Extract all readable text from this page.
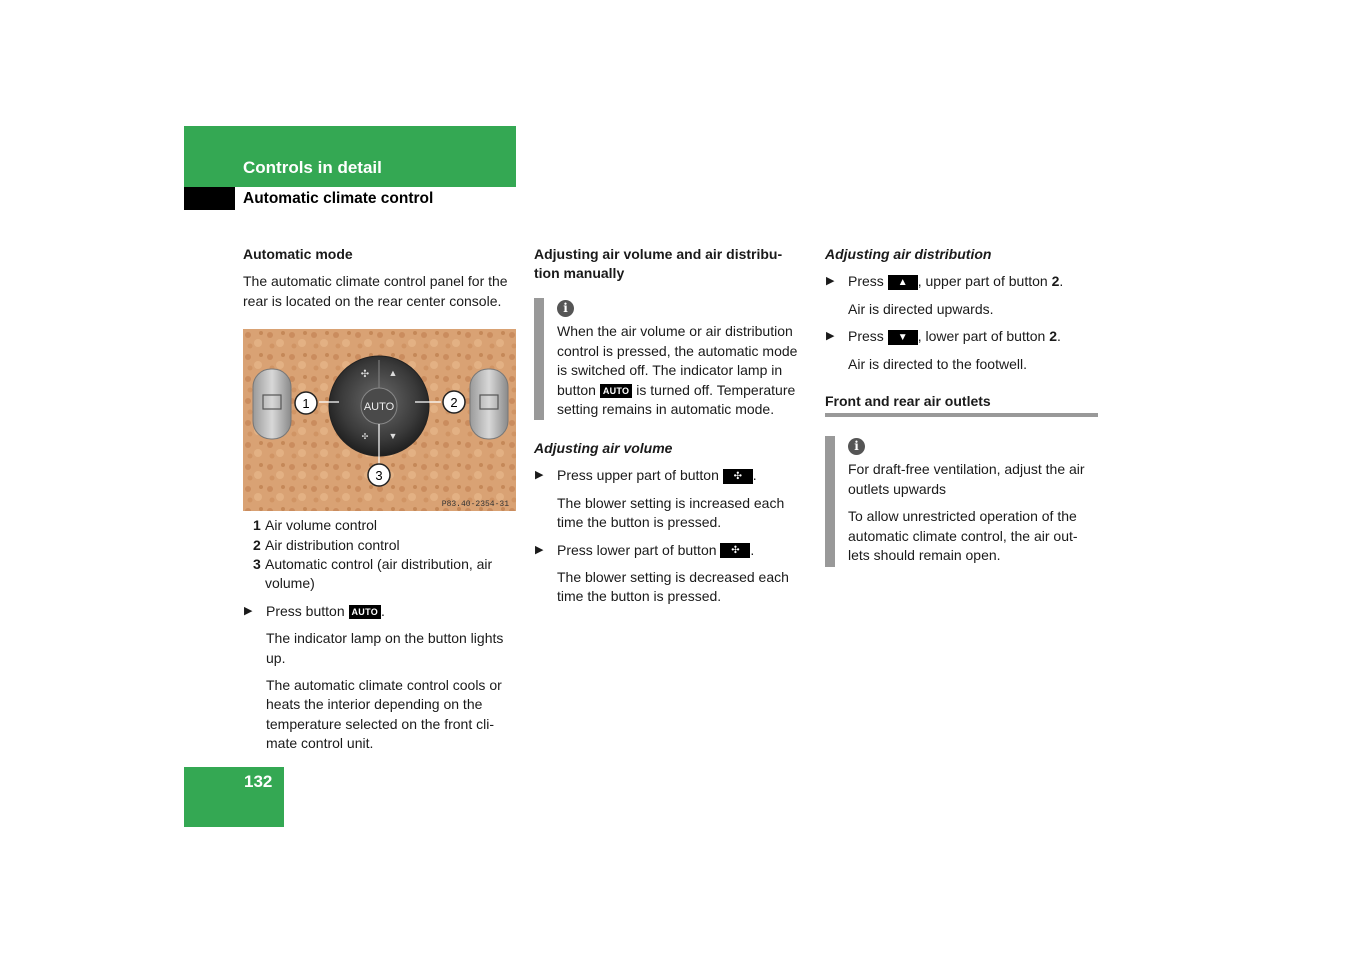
Controls in detail
Automatic climate control

Automatic mode

The automatic climate control panel for the rear is located on the rear center console.

AUTO
▲
▼
✣
✣
1	2
3
P83.40-2354-31
1 Air volume control
2 Air distribution control
3 Automatic control (air distribution, air volume)
▶ Press button AUTO .

The indicator lamp on the button lights up.

The automatic climate control cools or heats the interior depending on the temperature selected on the front cli-mate control unit.

Adjusting air volume and air distribu-tion manually

i

When the air volume or air distribution control is pressed, the automatic mode is switched off. The indicator lamp in button AUTO is turned off. Temperature setting remains in automatic mode.

Adjusting air volume

▶ Press upper part of button ✣ .

The blower setting is increased each time the button is pressed.

▶ Press lower part of button ✣ .

The blower setting is decreased each time the button is pressed.

Adjusting air distribution

▶ Press ▲ , upper part of button 2.

Air is directed upwards.

▶ Press ▼ , lower part of button 2.

Air is directed to the footwell.

Front and rear air outlets

i

For draft-free ventilation, adjust the air outlets upwards

To allow unrestricted operation of the automatic climate control, the air out-lets should remain open.

132
